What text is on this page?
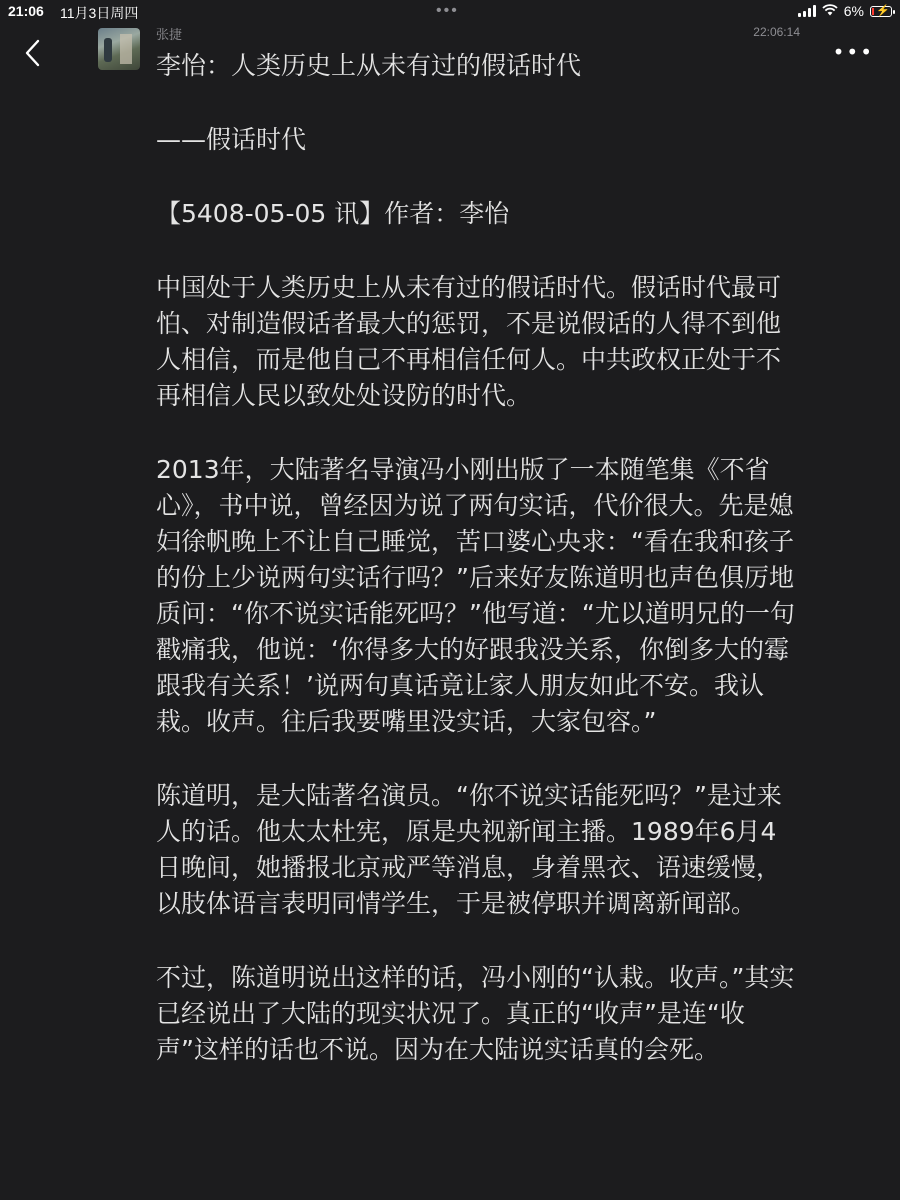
21:06 11月3日周四	•••	6% ⚡
张捷	22:06:14
•••

李怡：人类历史上从未有过的假话时代

——假话时代

【5408-05-05 讯】作者：李怡

中国处于人类历史上从未有过的假话时代。假话时代最可怕、对制造假话者最大的惩罚，不是说假话的人得不到他人相信，而是他自己不再相信任何人。中共政权正处于不再相信人民以致处处设防的时代。

2013年，大陆著名导演冯小刚出版了一本随笔集《不省心》，书中说，曾经因为说了两句实话，代价很大。先是媳妇徐帆晚上不让自己睡觉，苦口婆心央求：“看在我和孩子的份上少说两句实话行吗？”后来好友陈道明也声色俱厉地质问：“你不说实话能死吗？”他写道：“尤以道明兄的一句戳痛我，他说：‘你得多大的好跟我没关系，你倒多大的霉跟我有关系！’说两句真话竟让家人朋友如此不安。我认栽。收声。往后我要嘴里没实话，大家包容。”

陈道明，是大陆著名演员。“你不说实话能死吗？”是过来人的话。他太太杜宪，原是央视新闻主播。1989年6月4日晚间，她播报北京戒严等消息，身着黑衣、语速缓慢，以肢体语言表明同情学生，于是被停职并调离新闻部。

不过，陈道明说出这样的话，冯小刚的“认栽。收声。”其实已经说出了大陆的现实状况了。真正的“收声”是连“收声”这样的话也不说。因为在大陆说实话真的会死。
